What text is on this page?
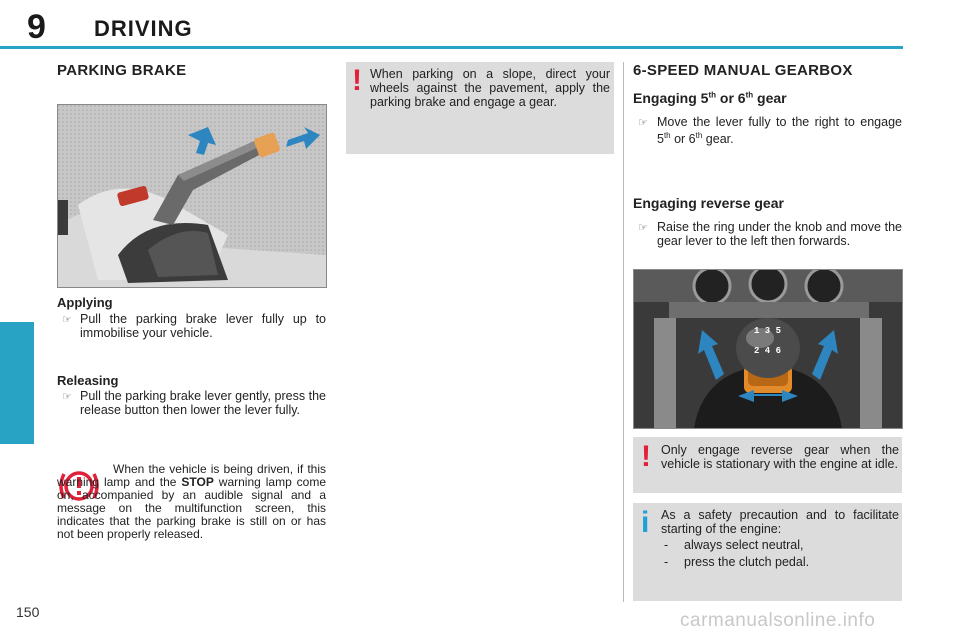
9 DRIVING
PARKING BRAKE
Applying
☞ Pull the parking brake lever fully up to immobilise your vehicle.
Releasing
☞ Pull the parking brake lever gently, press the release button then lower the lever fully.
When the vehicle is being driven, if this warning lamp and the STOP warning lamp come on, accompanied by an audible signal and a message on the multifunction screen, this indicates that the parking brake is still on or has not been properly released.
! When parking on a slope, direct your wheels against the pavement, apply the parking brake and engage a gear.
6-SPEED MANUAL GEARBOX
Engaging 5th or 6th gear
☞ Move the lever fully to the right to engage 5th or 6th gear.
Engaging reverse gear
☞ Raise the ring under the knob and move the gear lever to the left then forwards.
1 3 5
2 4 6
! Only engage reverse gear when the vehicle is stationary with the engine at idle.
i As a safety precaution and to facilitate starting of the engine:
- always select neutral,
- press the clutch pedal.
150	carmanualsonline.info
